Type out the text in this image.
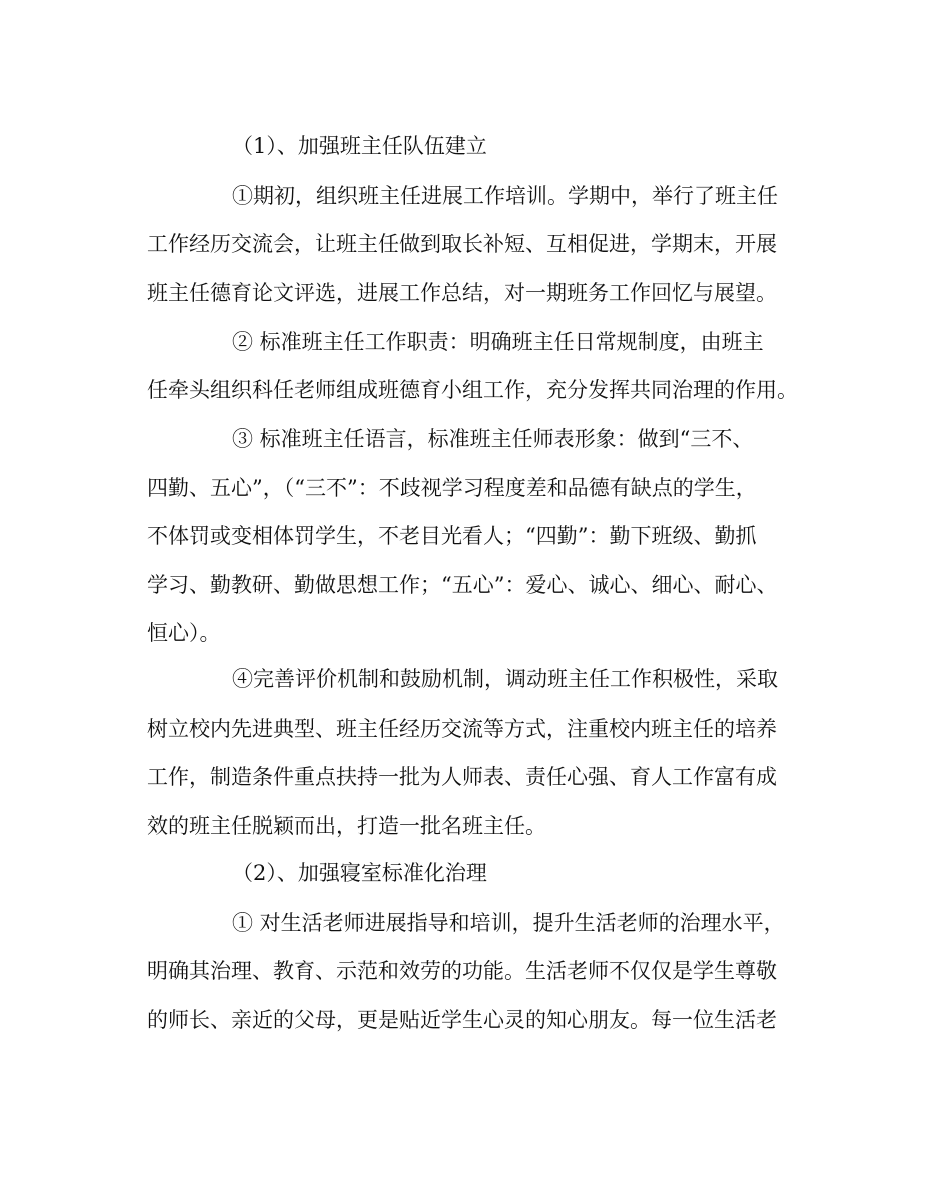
（1）、加强班主任队伍建立

①期初，组织班主任进展工作培训。学期中，举行了班主任

工作经历交流会，让班主任做到取长补短、互相促进，学期末，开展

班主任德育论文评选，进展工作总结，对一期班务工作回忆与展望。

② 标准班主任工作职责：明确班主任日常规制度，由班主

任牵头组织科任老师组成班德育小组工作，充分发挥共同治理的作用。

③ 标准班主任语言，标准班主任师表形象：做到“三不、

四勤、五心”，（“三不”：不歧视学习程度差和品德有缺点的学生，

不体罚或变相体罚学生，不老目光看人；“四勤”：勤下班级、勤抓

学习、勤教研、勤做思想工作；“五心”：爱心、诚心、细心、耐心、

恒心）。

④完善评价机制和鼓励机制，调动班主任工作积极性，采取

树立校内先进典型、班主任经历交流等方式，注重校内班主任的培养

工作，制造条件重点扶持一批为人师表、责任心强、育人工作富有成

效的班主任脱颖而出，打造一批名班主任。

（2）、加强寝室标准化治理

① 对生活老师进展指导和培训，提升生活老师的治理水平，

明确其治理、教育、示范和效劳的功能。生活老师不仅仅是学生尊敬

的师长、亲近的父母，更是贴近学生心灵的知心朋友。每一位生活老
